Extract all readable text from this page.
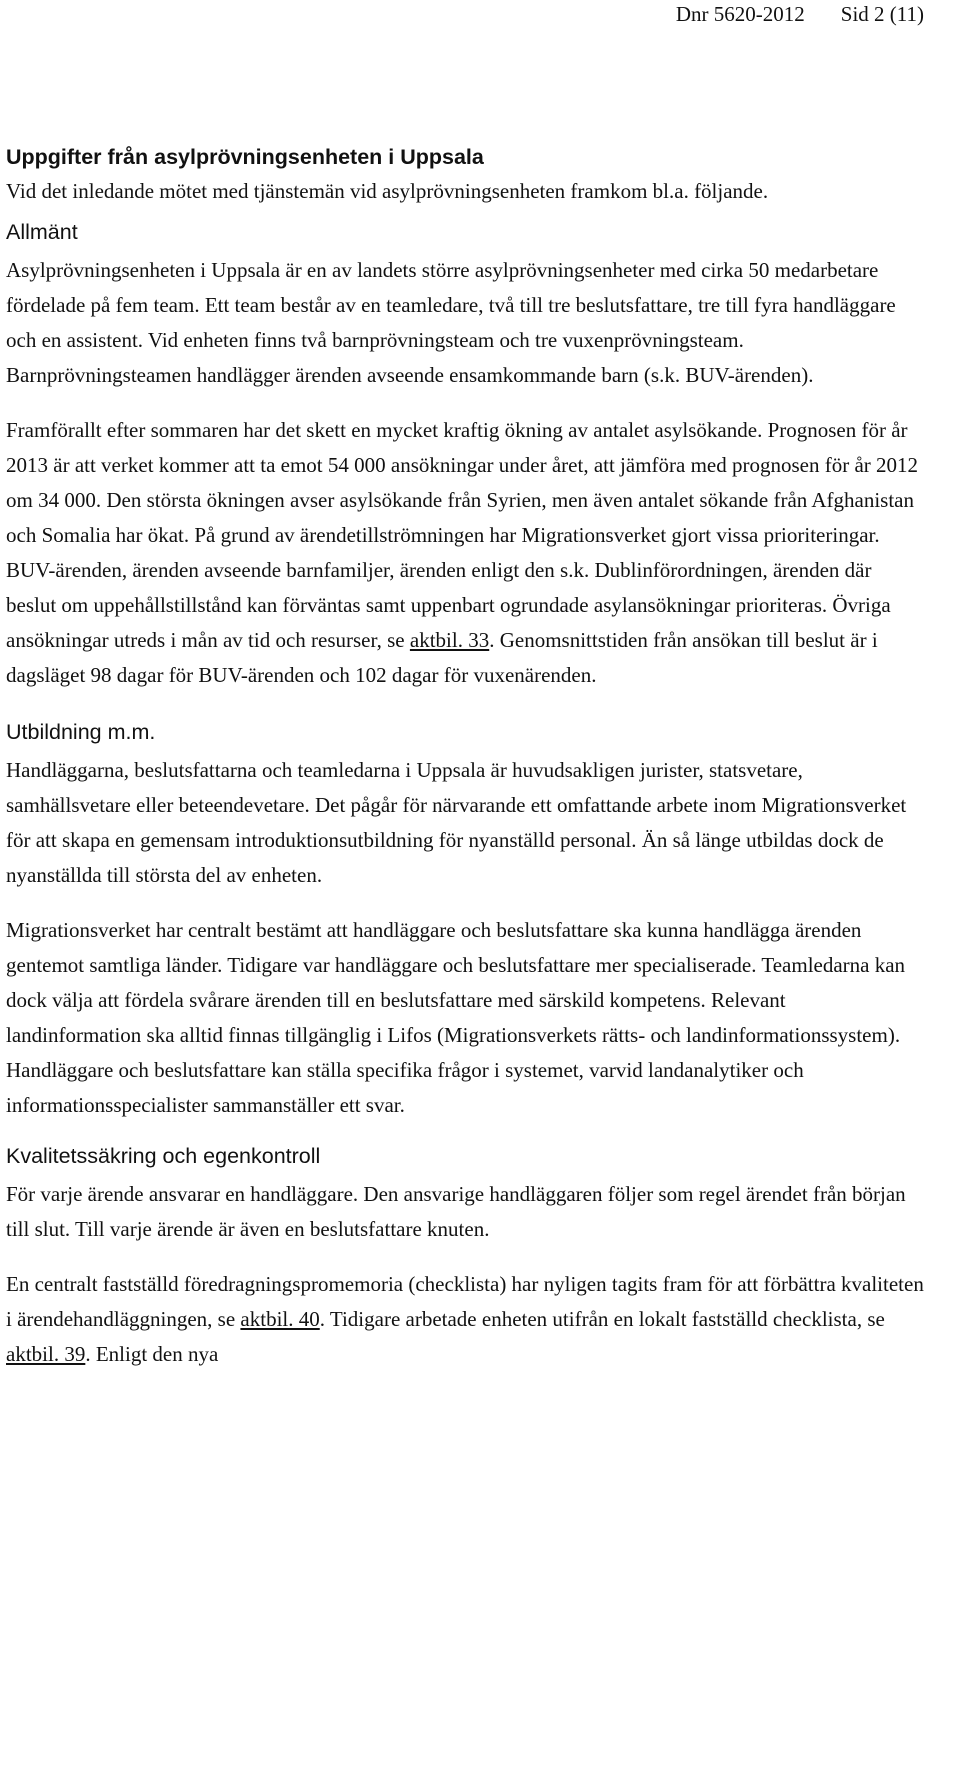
Dnr 5620-2012 Sid 2 (11)
Uppgifter från asylprövningsenheten i Uppsala

Vid det inledande mötet med tjänstemän vid asylprövningsenheten framkom bl.a. följande.

Allmänt

Asylprövningsenheten i Uppsala är en av landets större asylprövningsenheter med cirka 50 medarbetare fördelade på fem team. Ett team består av en teamledare, två till tre beslutsfattare, tre till fyra handläggare och en assistent. Vid enheten finns två barnprövningsteam och tre vuxenprövningsteam. Barnprövningsteamen handlägger ärenden avseende ensamkommande barn (s.k. BUV-ärenden).

Framförallt efter sommaren har det skett en mycket kraftig ökning av antalet asylsökande. Prognosen för år 2013 är att verket kommer att ta emot 54 000 ansökningar under året, att jämföra med prognosen för år 2012 om 34 000. Den största ökningen avser asylsökande från Syrien, men även antalet sökande från Afghanistan och Somalia har ökat. På grund av ärendetillströmningen har Migrationsverket gjort vissa prioriteringar. BUV-ärenden, ärenden avseende barnfamiljer, ärenden enligt den s.k. Dublinförordningen, ärenden där beslut om uppehållstillstånd kan förväntas samt uppenbart ogrundade asylansökningar prioriteras. Övriga ansökningar utreds i mån av tid och resurser, se aktbil. 33. Genomsnittstiden från ansökan till beslut är i dagsläget 98 dagar för BUV-ärenden och 102 dagar för vuxenärenden.

Utbildning m.m.

Handläggarna, beslutsfattarna och teamledarna i Uppsala är huvudsakligen jurister, statsvetare, samhällsvetare eller beteendevetare. Det pågår för närvarande ett omfattande arbete inom Migrationsverket för att skapa en gemensam introduktionsutbildning för nyanställd personal. Än så länge utbildas dock de nyanställda till största del av enheten.

Migrationsverket har centralt bestämt att handläggare och beslutsfattare ska kunna handlägga ärenden gentemot samtliga länder. Tidigare var handläggare och beslutsfattare mer specialiserade. Teamledarna kan dock välja att fördela svårare ärenden till en beslutsfattare med särskild kompetens. Relevant landinformation ska alltid finnas tillgänglig i Lifos (Migrationsverkets rätts- och landinformationssystem). Handläggare och beslutsfattare kan ställa specifika frågor i systemet, varvid landanalytiker och informationsspecialister sammanställer ett svar.

Kvalitetssäkring och egenkontroll

För varje ärende ansvarar en handläggare. Den ansvarige handläggaren följer som regel ärendet från början till slut. Till varje ärende är även en beslutsfattare knuten.

En centralt fastställd föredragningspromemoria (checklista) har nyligen tagits fram för att förbättra kvaliteten i ärendehandläggningen, se aktbil. 40. Tidigare arbetade enheten utifrån en lokalt fastställd checklista, se aktbil. 39. Enligt den nya
